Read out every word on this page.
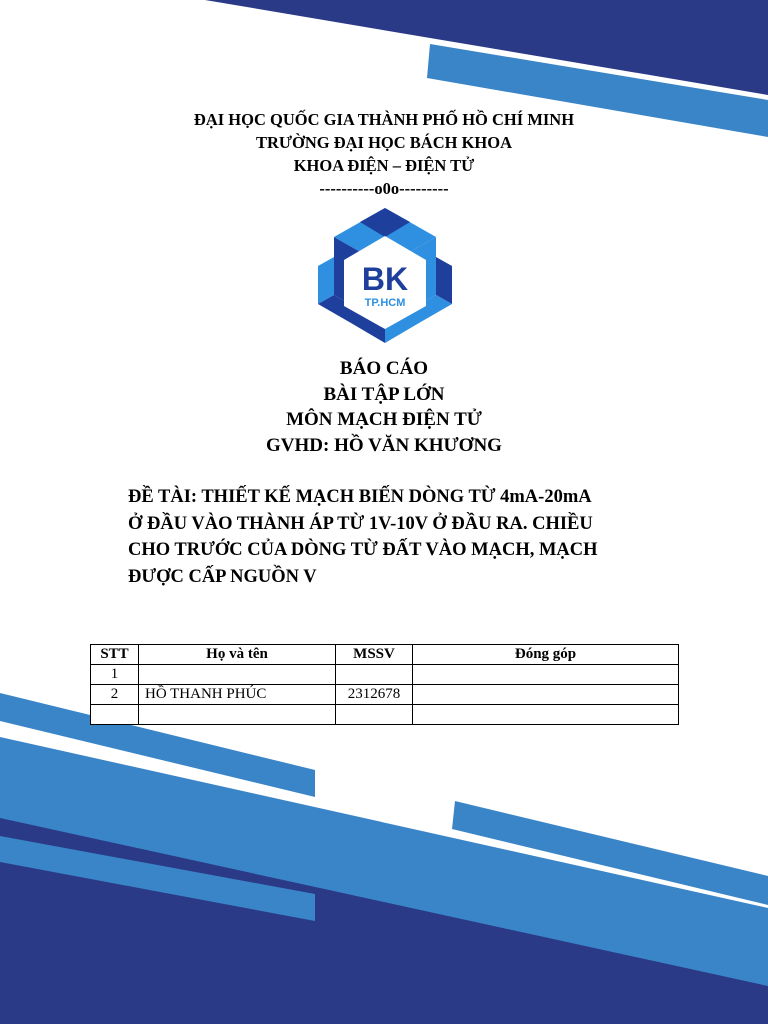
ĐẠI HỌC QUỐC GIA THÀNH PHỐ HỒ CHÍ MINH
TRƯỜNG ĐẠI HỌC BÁCH KHOA
KHOA ĐIỆN – ĐIỆN TỬ
----------o0o---------
BK
TP.HCM
BÁO CÁO
BÀI TẬP LỚN
MÔN MẠCH ĐIỆN TỬ
GVHD: HỒ VĂN KHƯƠNG
ĐỀ TÀI: THIẾT KẾ MẠCH BIẾN DÒNG TỪ 4mA-20mA
Ở ĐẦU VÀO THÀNH ÁP TỪ 1V-10V Ở ĐẦU RA. CHIỀU
CHO TRƯỚC CỦA DÒNG TỪ ĐẤT VÀO MẠCH, MẠCH
ĐƯỢC CẤP NGUỒN V
STT	Họ và tên	MSSV	Đóng góp
1			
2	HỒ THANH PHÚC	2312678	
